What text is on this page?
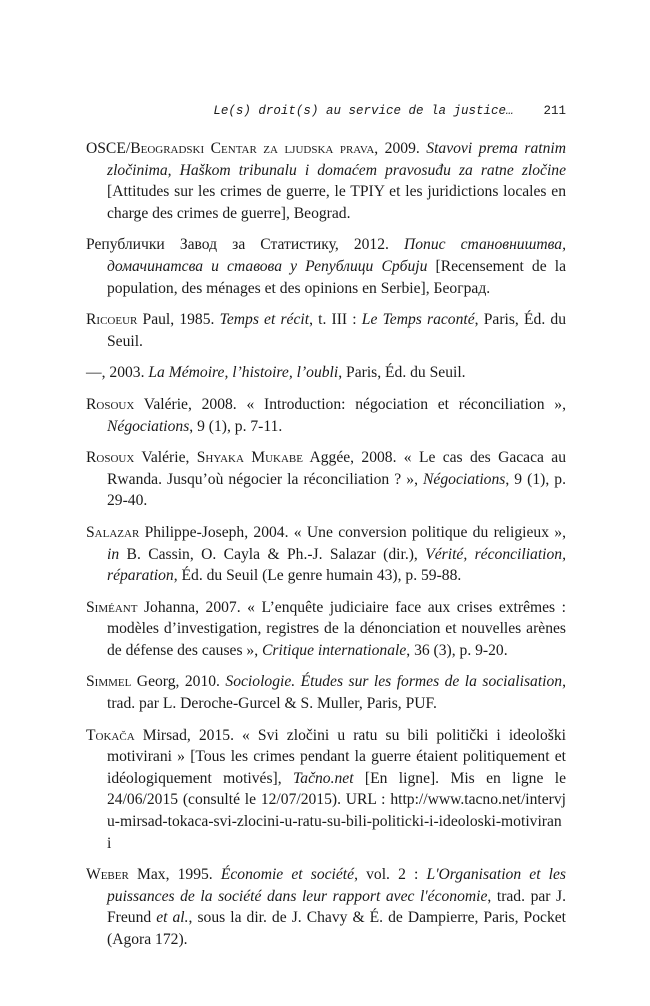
Le(s) droit(s) au service de la justice… 211

OSCE/Beogradski Centar za ljudska prava, 2009. Stavovi prema ratnim zločinima, Haškom tribunalu i domaćem pravosuđu za ratne zločine [Attitudes sur les crimes de guerre, le TPIY et les juridictions locales en charge des crimes de guerre], Beograd.

Републички Завод за Статистику, 2012. Попис становништва, домачинатсва и ставова у Републици Србији [Recensement de la population, des ménages et des opinions en Serbie], Београд.

Ricoeur Paul, 1985. Temps et récit, t. III : Le Temps raconté, Paris, Éd. du Seuil.

—, 2003. La Mémoire, l’histoire, l’oubli, Paris, Éd. du Seuil.

Rosoux Valérie, 2008. « Introduction: négociation et réconciliation », Négociations, 9 (1), p. 7-11.

Rosoux Valérie, Shyaka Mukabe Aggée, 2008. « Le cas des Gacaca au Rwanda. Jusqu’où négocier la réconciliation ? », Négociations, 9 (1), p. 29-40.

Salazar Philippe-Joseph, 2004. « Une conversion politique du religieux », in B. Cassin, O. Cayla & Ph.-J. Salazar (dir.), Vérité, réconciliation, réparation, Éd. du Seuil (Le genre humain 43), p. 59-88.

Siméant Johanna, 2007. « L’enquête judiciaire face aux crises extrêmes : modèles d’investigation, registres de la dénonciation et nouvelles arènes de défense des causes », Critique internationale, 36 (3), p. 9-20.

Simmel Georg, 2010. Sociologie. Études sur les formes de la socialisation, trad. par L. Deroche-Gurcel & S. Muller, Paris, PUF.

Tokača Mirsad, 2015. « Svi zločini u ratu su bili politički i ideološki motivirani » [Tous les crimes pendant la guerre étaient politiquement et idéologiquement motivés], Tačno.net [En ligne]. Mis en ligne le 24/06/2015 (consulté le 12/07/2015). URL : http://www.tacno.net/intervju-mirsad-tokaca-svi-zlocini-u-ratu-su-bili-politicki-i-ideoloski-motivirani

Weber Max, 1995. Économie et société, vol. 2 : L'Organisation et les puissances de la société dans leur rapport avec l'économie, trad. par J. Freund et al., sous la dir. de J. Chavy & É. de Dampierre, Paris, Pocket (Agora 172).
